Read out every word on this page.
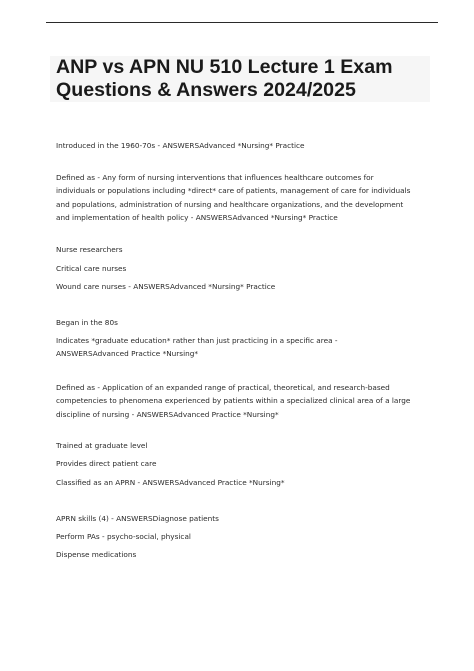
ANP vs APN NU 510 Lecture 1 Exam
Questions & Answers 2024/2025

Introduced in the 1960-70s - ANSWERSAdvanced *Nursing* Practice

Defined as - Any form of nursing interventions that influences healthcare outcomes for individuals or populations including *direct* care of patients, management of care for individuals and populations, administration of nursing and healthcare organizations, and the development and implementation of health policy - ANSWERSAdvanced *Nursing* Practice

Nurse researchers

Critical care nurses

Wound care nurses - ANSWERSAdvanced *Nursing* Practice

Began in the 80s

Indicates *graduate education* rather than just practicing in a specific area - ANSWERSAdvanced Practice *Nursing*

Defined as - Application of an expanded range of practical, theoretical, and research-based competencies to phenomena experienced by patients within a specialized clinical area of a large discipline of nursing - ANSWERSAdvanced Practice *Nursing*

Trained at graduate level

Provides direct patient care

Classified as an APRN - ANSWERSAdvanced Practice *Nursing*

APRN skills (4) - ANSWERSDiagnose patients

Perform PAs - psycho-social, physical

Dispense medications
